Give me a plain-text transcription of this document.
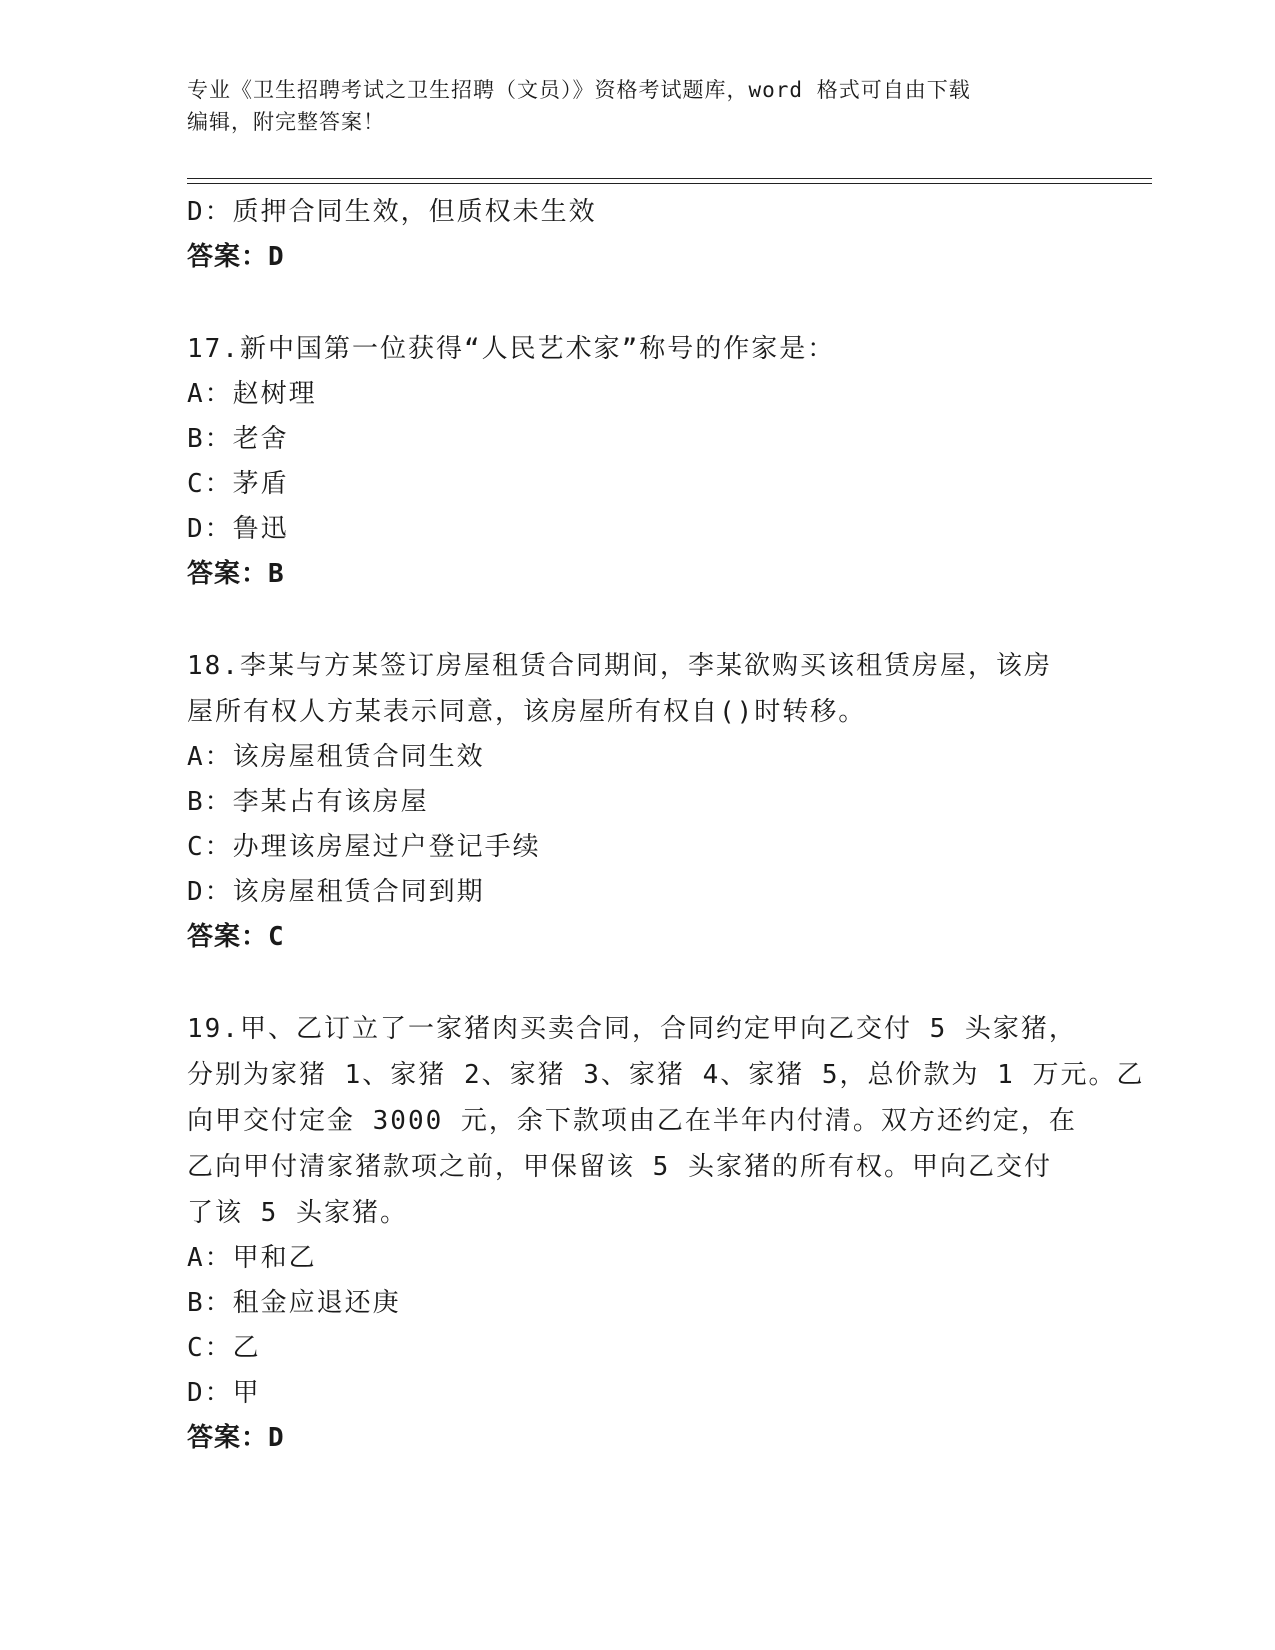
专业《卫生招聘考试之卫生招聘（文员）》资格考试题库，word 格式可自由下载
编辑，附完整答案！
D：质押合同生效，但质权未生效
答案：D
17.新中国第一位获得“人民艺术家”称号的作家是：
A：赵树理
B：老舍
C：茅盾
D：鲁迅
答案：B
18.李某与方某签订房屋租赁合同期间，李某欲购买该租赁房屋，该房
屋所有权人方某表示同意，该房屋所有权自()时转移。
A：该房屋租赁合同生效
B：李某占有该房屋
C：办理该房屋过户登记手续
D：该房屋租赁合同到期
答案：C
19.甲、乙订立了一家猪肉买卖合同，合同约定甲向乙交付 5 头家猪，
分别为家猪 1、家猪 2、家猪 3、家猪 4、家猪 5，总价款为 1 万元。乙
向甲交付定金 3000 元，余下款项由乙在半年内付清。双方还约定，在
乙向甲付清家猪款项之前，甲保留该 5 头家猪的所有权。甲向乙交付
了该 5 头家猪。
A：甲和乙
B：租金应退还庚
C：乙
D：甲
答案：D
